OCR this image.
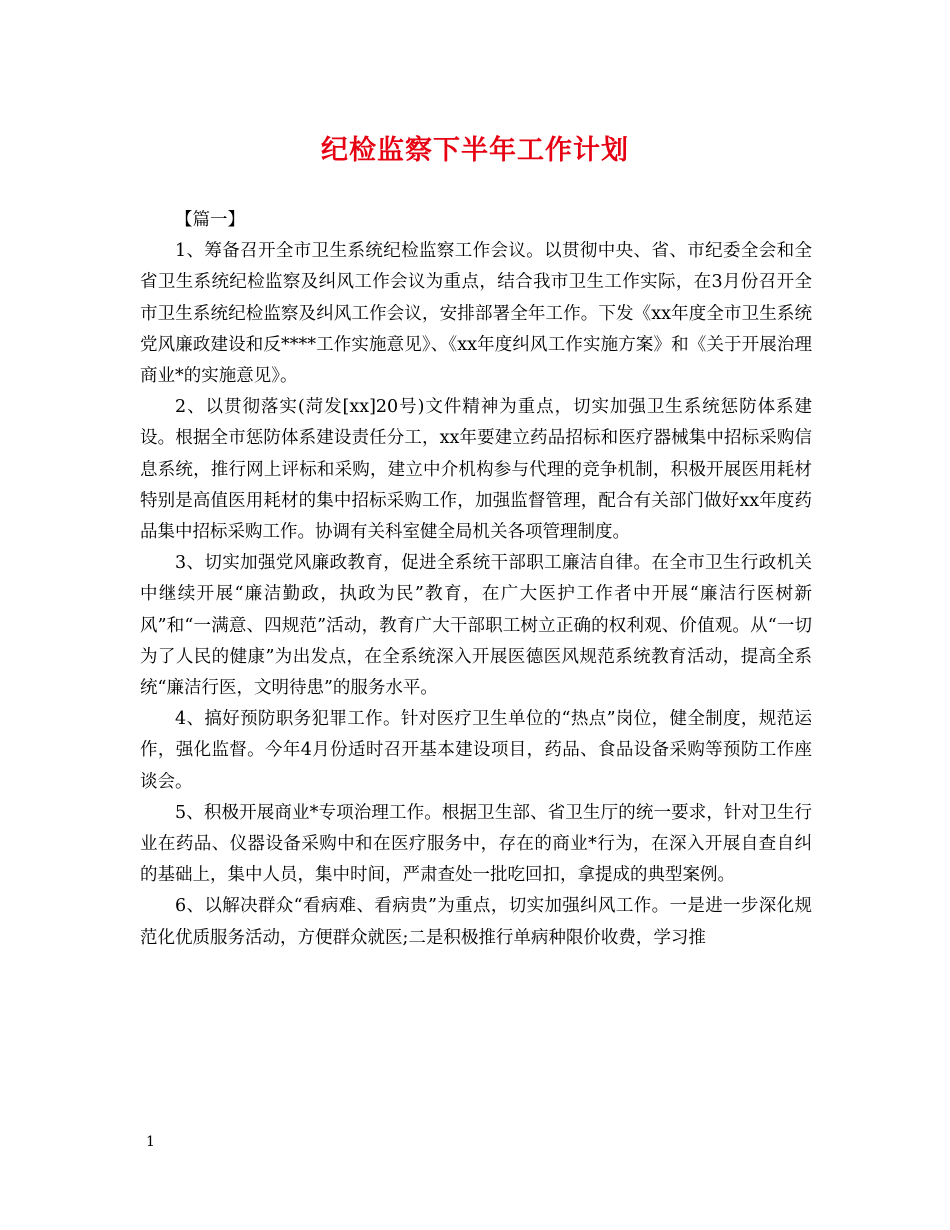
纪检监察下半年工作计划

【篇一】

1、筹备召开全市卫生系统纪检监察工作会议。以贯彻中央、省、市纪委全会和全省卫生系统纪检监察及纠风工作会议为重点，结合我市卫生工作实际，在3月份召开全市卫生系统纪检监察及纠风工作会议，安排部署全年工作。下发《xx年度全市卫生系统党风廉政建设和反****工作实施意见》、《xx年度纠风工作实施方案》和《关于开展治理商业*的实施意见》。

2、以贯彻落实(菏发[xx]20号)文件精神为重点，切实加强卫生系统惩防体系建设。根据全市惩防体系建设责任分工，xx年要建立药品招标和医疗器械集中招标采购信息系统，推行网上评标和采购，建立中介机构参与代理的竞争机制，积极开展医用耗材特别是高值医用耗材的集中招标采购工作，加强监督管理，配合有关部门做好xx年度药品集中招标采购工作。协调有关科室健全局机关各项管理制度。

3、切实加强党风廉政教育，促进全系统干部职工廉洁自律。在全市卫生行政机关中继续开展“廉洁勤政，执政为民”教育，在广大医护工作者中开展“廉洁行医树新风”和“一满意、四规范”活动，教育广大干部职工树立正确的权利观、价值观。从“一切为了人民的健康”为出发点，在全系统深入开展医德医风规范系统教育活动，提高全系统“廉洁行医，文明待患”的服务水平。

4、搞好预防职务犯罪工作。针对医疗卫生单位的“热点”岗位，健全制度，规范运作，强化监督。今年4月份适时召开基本建设项目，药品、食品设备采购等预防工作座谈会。

5、积极开展商业*专项治理工作。根据卫生部、省卫生厅的统一要求，针对卫生行业在药品、仪器设备采购中和在医疗服务中，存在的商业*行为，在深入开展自查自纠的基础上，集中人员，集中时间，严肃查处一批吃回扣，拿提成的典型案例。

6、以解决群众“看病难、看病贵”为重点，切实加强纠风工作。一是进一步深化规范化优质服务活动，方便群众就医;二是积极推行单病种限价收费，学习推

1
